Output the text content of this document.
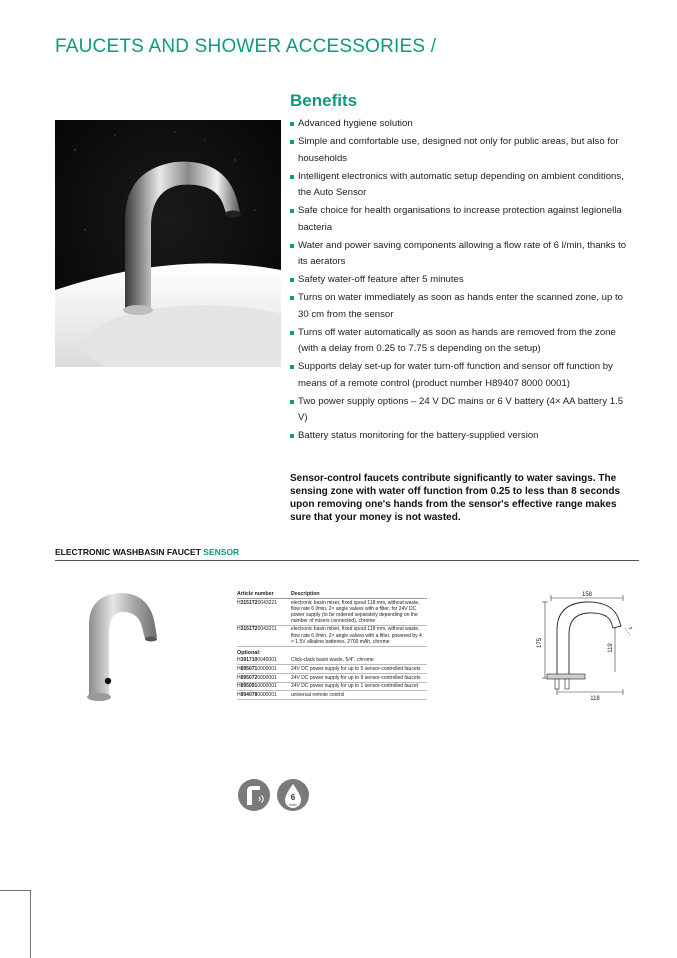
FAUCETS AND SHOWER ACCESSORIES /
Benefits
Advanced hygiene solution
Simple and comfortable use, designed not only for public areas, but also for households
Intelligent electronics with automatic setup depending on ambient conditions, the Auto Sensor
Safe choice for health organisations to increase protection against legionella bacteria
Water and power saving components allowing a flow rate of 6 l/min, thanks to its aerators
Safety water-off feature after 5 minutes
Turns on water immediately as soon as hands enter the scanned zone, up to 30 cm from the sensor
Turns off water automatically as soon as hands are removed from the zone (with a delay from 0.25 to 7.75 s depending on the setup)
Supports delay set-up for water turn-off function and sensor off function by means of a remote control (product number H89407 8000 0001)
Two power supply options – 24 V DC mains or 6 V battery (4× AA battery 1.5 V)
Battery status monitoring for the battery-supplied version
Sensor-control faucets contribute significantly to water savings. The sensing zone with water off function from 0.25 to less than 8 seconds upon removing one's hands from the sensor's effective range makes sure that your money is not wasted.
ELECTRONIC WASHBASIN FAUCET SENSOR
Article number	Description
H3151T20043221	electronic basin mixer, fixed spout 118 mm, without waste, flow rate 6 l/min, 2× angle valves with a filter, for 24V DC power supply (to be ordered separately depending on the number of mixers connected), chrome
H3151T20043211	electronic basin mixer, fixed spout 118 mm, without waste, flow rate 6 l/min, 2× angle valvea with a filter, powered by 4 × 1.5V alkaline batteries, 2700 mAh, chrome
Optional:	
H3917100040001	Click-clack basin waste, 5/4", chrome
H8950710000001	24V DC power supply for up to 5 sensor-controlled faucets
H8950720000001	24V DC power supply for up to 9 sensor-controlled faucets
H8950910000001	24V DC power supply for up to 1 sensor-controlled faucet
H8940780000001	universal remote control
158
175	119
118
⊾
6
l/min
